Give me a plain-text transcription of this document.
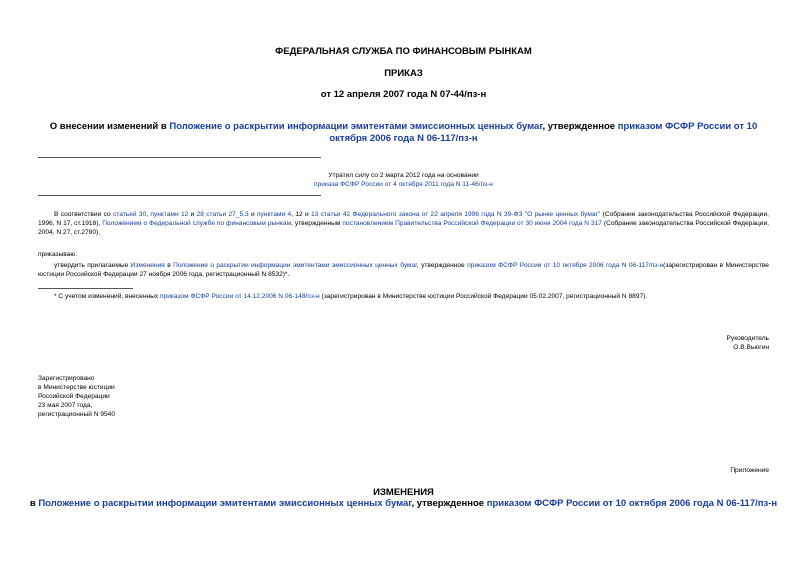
ФЕДЕРАЛЬНАЯ СЛУЖБА ПО ФИНАНСОВЫМ РЫНКАМ
ПРИКАЗ
от 12 апреля 2007 года N 07-44/пз-н
О внесении изменений в Положение о раскрытии информации эмитентами эмиссионных ценных бумаг, утвержденное приказом ФСФР России от 10 октября 2006 года N 06-117/пз-н
Утратил силу со 2 марта 2012 года на основании
приказа ФСФР России от 4 октября 2011 года N 11-46/пз-н
В соответствии со статьей 30, пунктами 12 и 28 статьи 27_5.3 и пунктами 4, 12 и 13 статьи 42 Федерального закона от 22 апреля 1996 года N 39-ФЗ "О рынке ценных бумаг" (Собрание законодательства Российской Федерации, 1996, N 17, ст.1918), Положением о Федеральной службе по финансовым рынкам, утвержденным постановлением Правительства Российской Федерации от 30 июня 2004 года N 317 (Собрание законодательства Российской Федерации, 2004, N 27, ст.2780),
приказываю:
утвердить прилагаемые Изменения в Положение о раскрытии информации эмитентами эмиссионных ценных бумаг, утвержденное приказом ФСФР России от 10 октября 2006 года N 06-117/пз-н(зарегистрирован в Министерстве юстиции Российской Федерации 27 ноября 2006 года, регистрационный N 8532)*.
* С учетом изменений, внесенных приказом ФСФР России от 14.12.2006 N 06-148/пз-н (зарегистрирован в Министерстве юстиции Российской Федерации 05.02.2007, регистрационный N 8897).
Руководитель
О.В.Вьюгин
Зарегистрировано
в Министерстве юстиции
Российской Федерации
23 мая 2007 года,
регистрационный N 9540
Приложение
ИЗМЕНЕНИЯ
в Положение о раскрытии информации эмитентами эмиссионных ценных бумаг, утвержденное приказом ФСФР России от 10 октября 2006 года N 06-117/пз-н
